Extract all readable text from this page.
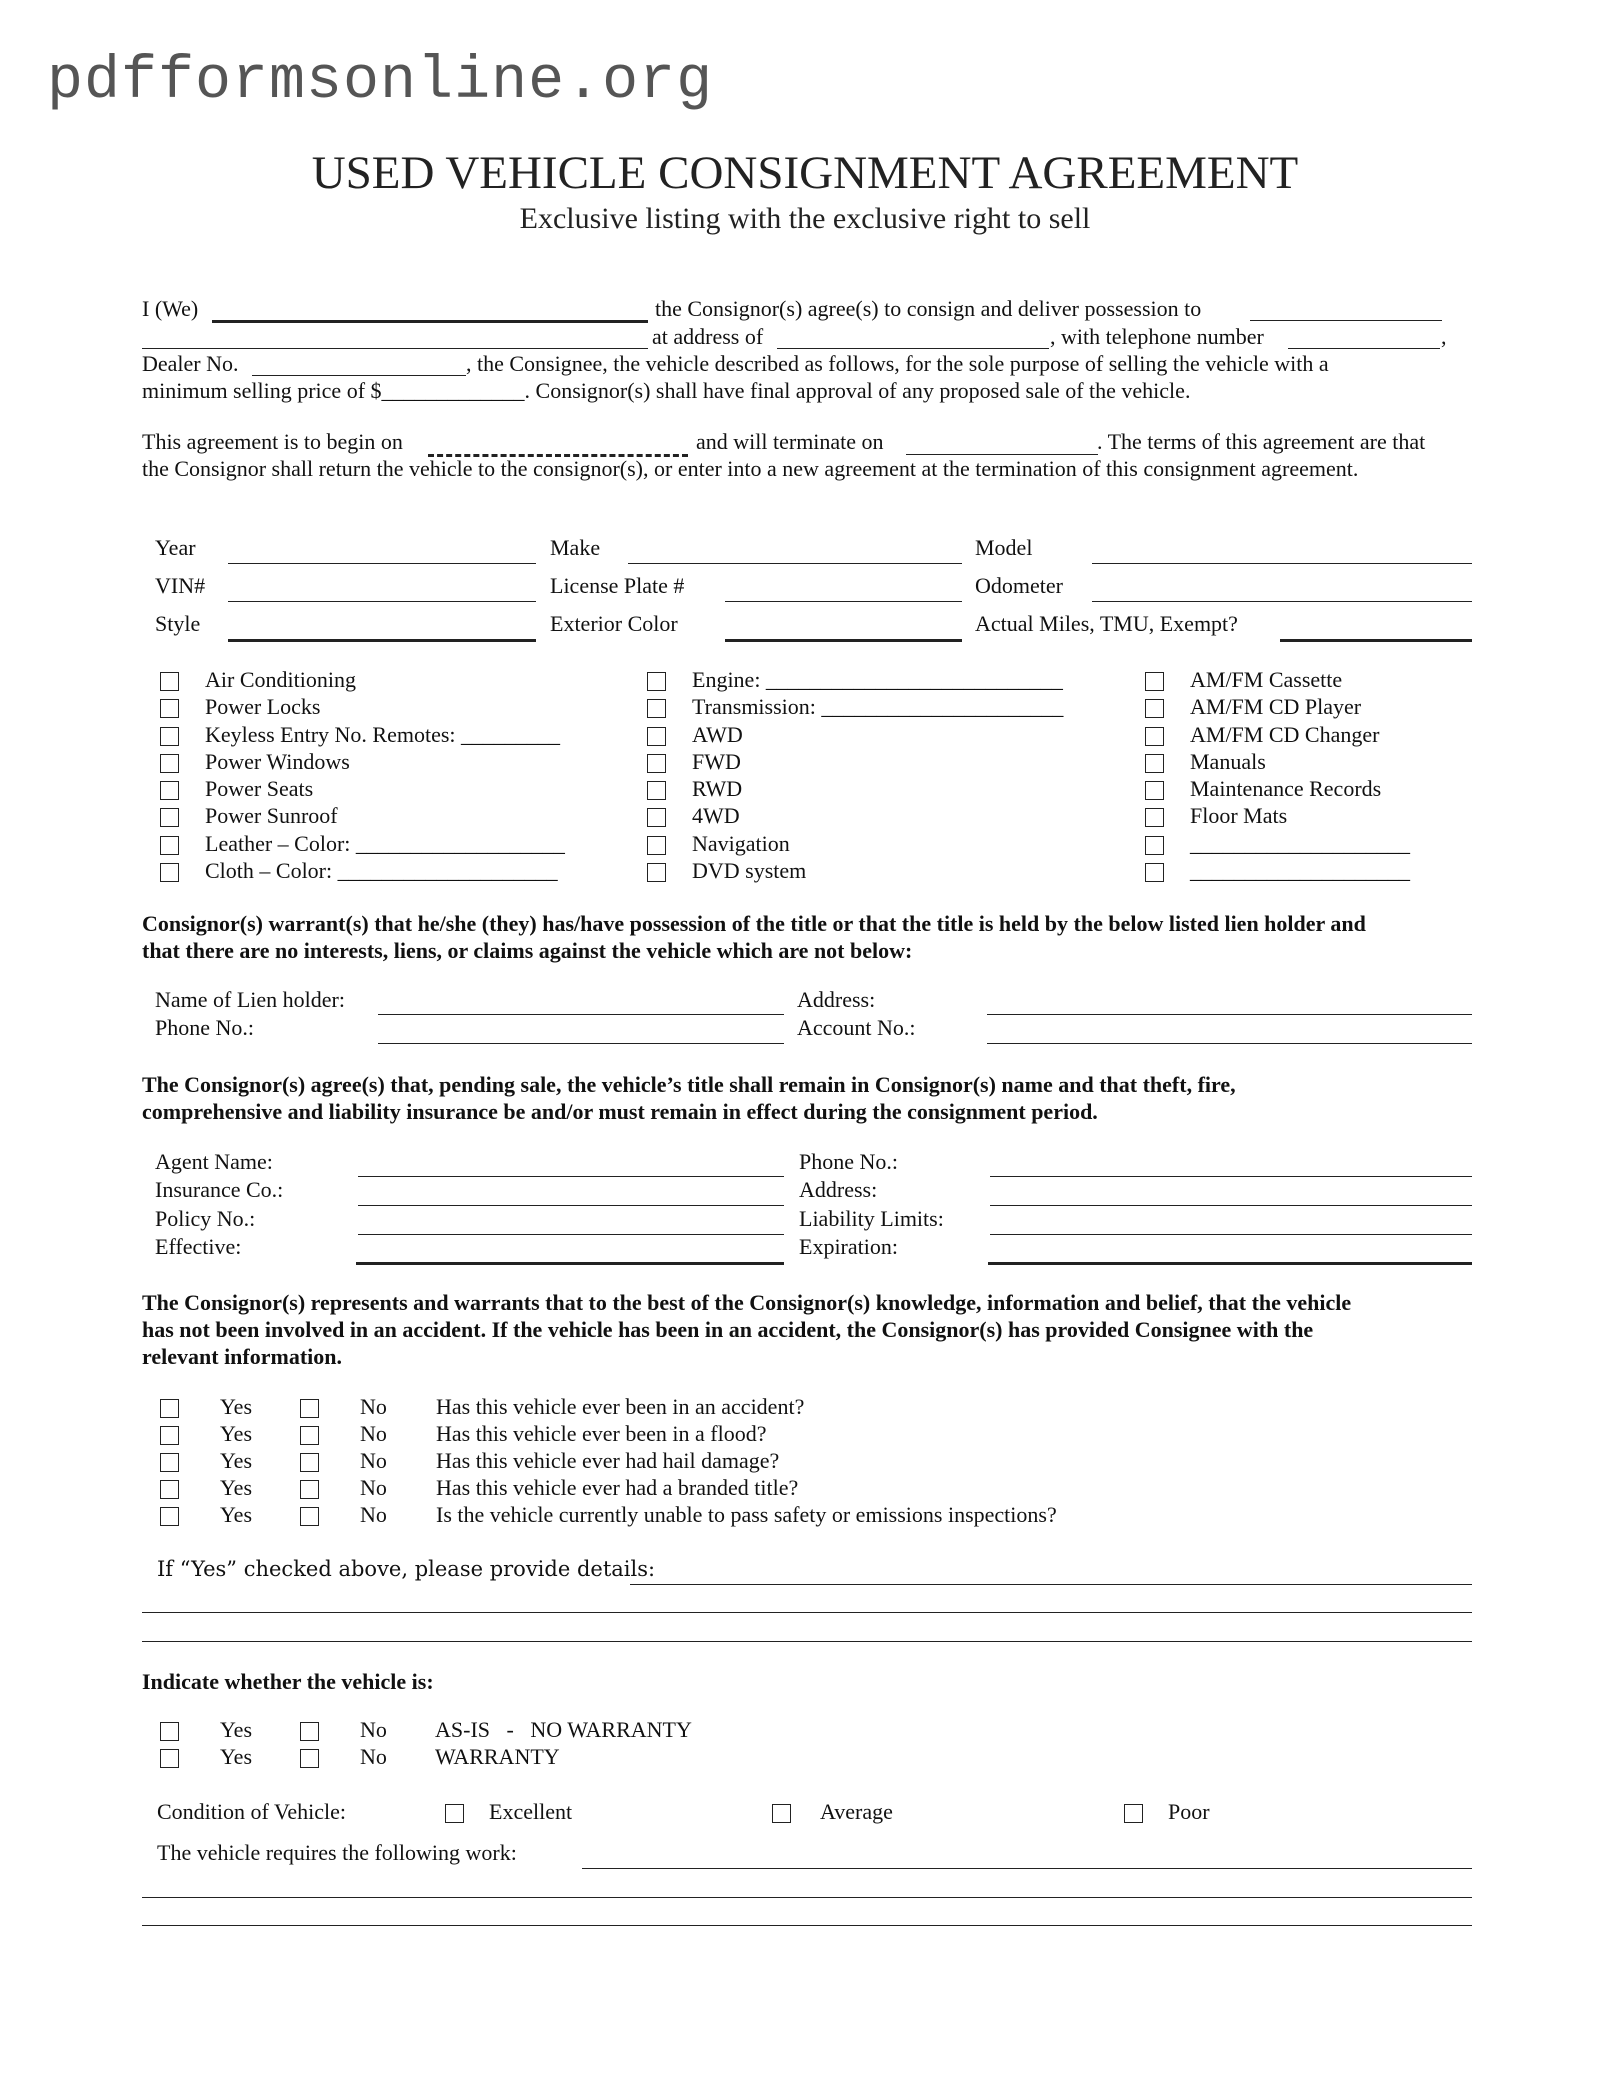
pdfformsonline.org
USED VEHICLE CONSIGNMENT AGREEMENT
Exclusive listing with the exclusive right to sell
I (We)	the Consignor(s) agree(s) to consign and deliver possession to
at address of	, with telephone number	,
Dealer No.	, the Consignee, the vehicle described as follows, for the sole purpose of selling the vehicle with a
minimum selling price of $_____________. Consignor(s) shall have final approval of any proposed sale of the vehicle.
This agreement is to begin on	and will terminate on	. The terms of this agreement are that
the Consignor shall return the vehicle to the consignor(s), or enter into a new agreement at the termination of this consignment agreement.
Year	Make	Model
VIN#	License Plate #	Odometer
Style	Exterior Color	Actual Miles, TMU, Exempt?
Air Conditioning
Power Locks
Keyless Entry No. Remotes: _________
Power Windows
Power Seats
Power Sunroof
Leather – Color: ___________________
Cloth – Color: ____________________
Engine: ___________________________
Transmission: ______________________
AWD
FWD
RWD
4WD
Navigation
DVD system
AM/FM Cassette
AM/FM CD Player
AM/FM CD Changer
Manuals
Maintenance Records
Floor Mats
____________________
____________________
Consignor(s) warrant(s) that he/she (they) has/have possession of the title or that the title is held by the below listed lien holder and
that there are no interests, liens, or claims against the vehicle which are not below:
Name of Lien holder:	Address:
Phone No.:	Account No.:
The Consignor(s) agree(s) that, pending sale, the vehicle’s title shall remain in Consignor(s) name and that theft, fire,
comprehensive and liability insurance be and/or must remain in effect during the consignment period.
Agent Name:	Phone No.:
Insurance Co.:	Address:
Policy No.:	Liability Limits:
Effective:	Expiration:
The Consignor(s) represents and warrants that to the best of the Consignor(s) knowledge, information and belief, that the vehicle
has not been involved in an accident. If the vehicle has been in an accident, the Consignor(s) has provided Consignee with the
relevant information.
Yes	No Has this vehicle ever been in an accident?
Yes	No Has this vehicle ever been in a flood?
Yes	No Has this vehicle ever had hail damage?
Yes	No Has this vehicle ever had a branded title?
Yes	No Is the vehicle currently unable to pass safety or emissions inspections?
If “Yes” checked above, please provide details:
Indicate whether the vehicle is:
Yes	No AS-IS   -   NO WARRANTY
Yes	No WARRANTY
Condition of Vehicle:	Excellent	Average	Poor
The vehicle requires the following work:
